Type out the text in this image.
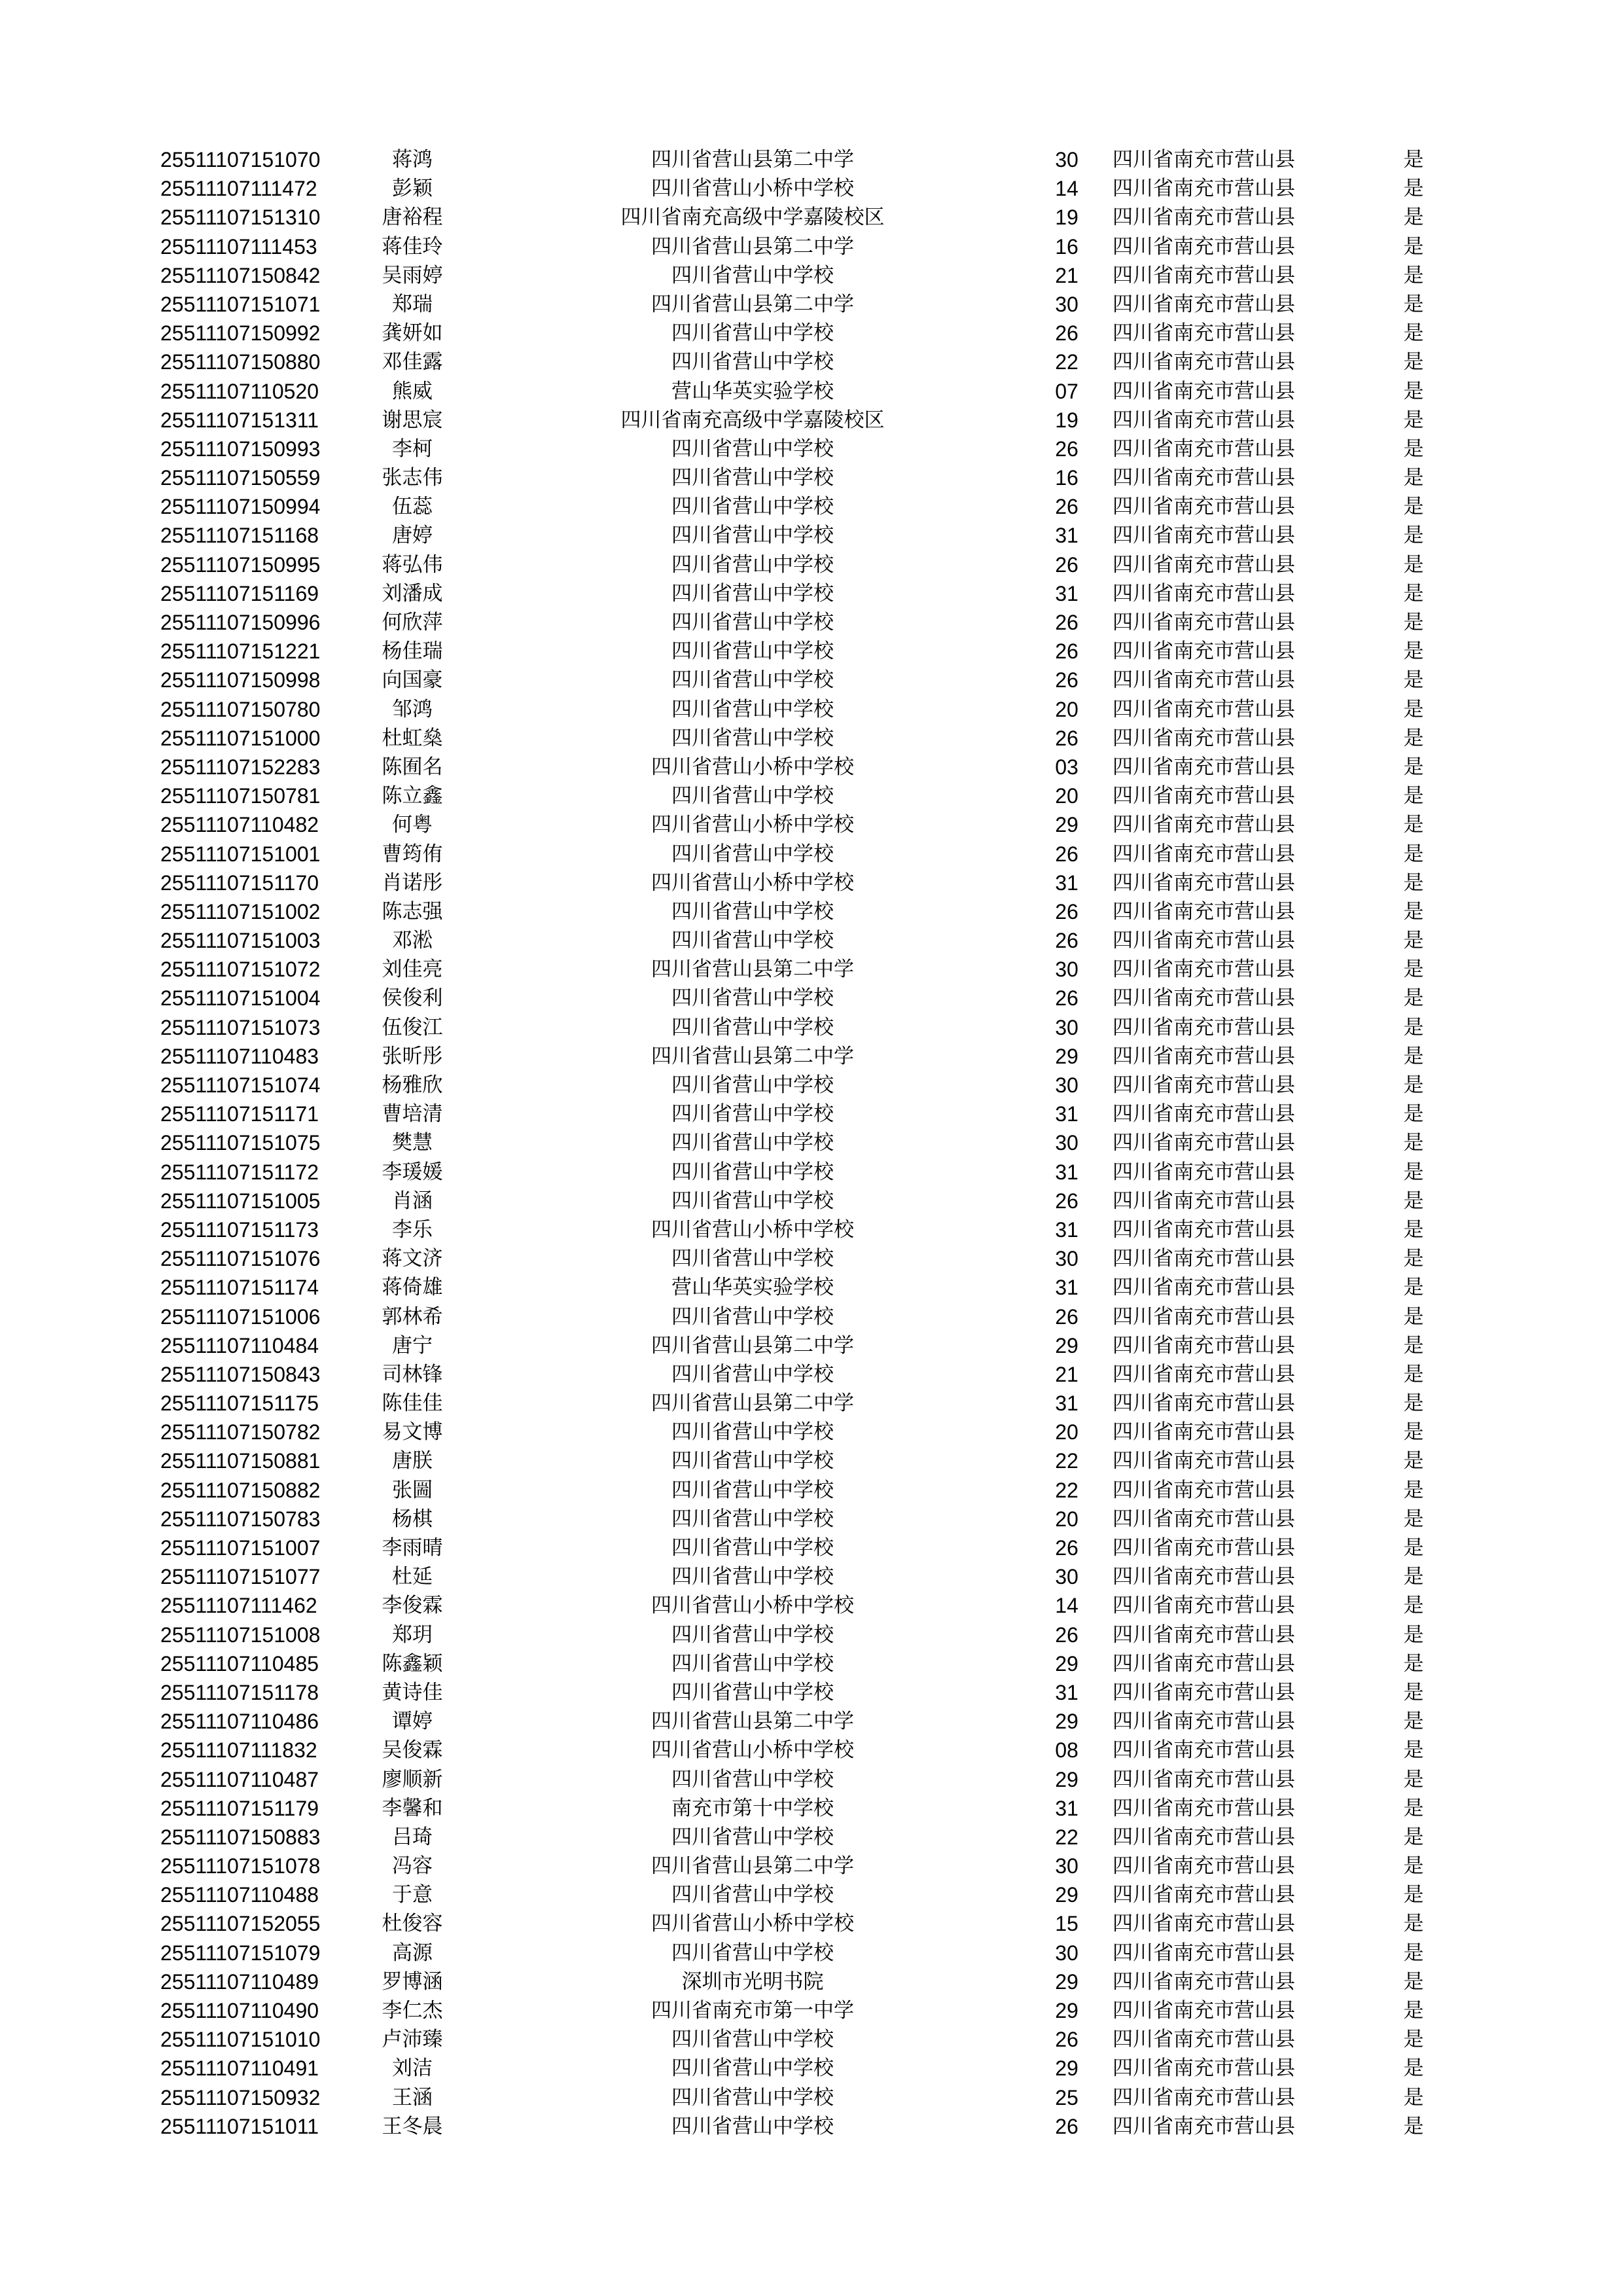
25511107151070	蒋鸿	四川省营山县第二中学	30	四川省南充市营山县	是
25511107111472	彭颖	四川省营山小桥中学校	14	四川省南充市营山县	是
25511107151310	唐裕程	四川省南充高级中学嘉陵校区	19	四川省南充市营山县	是
25511107111453	蒋佳玲	四川省营山县第二中学	16	四川省南充市营山县	是
25511107150842	吴雨婷	四川省营山中学校	21	四川省南充市营山县	是
25511107151071	郑瑞	四川省营山县第二中学	30	四川省南充市营山县	是
25511107150992	龚妍如	四川省营山中学校	26	四川省南充市营山县	是
25511107150880	邓佳露	四川省营山中学校	22	四川省南充市营山县	是
25511107110520	熊威	营山华英实验学校	07	四川省南充市营山县	是
25511107151311	谢思宸	四川省南充高级中学嘉陵校区	19	四川省南充市营山县	是
25511107150993	李柯	四川省营山中学校	26	四川省南充市营山县	是
25511107150559	张志伟	四川省营山中学校	16	四川省南充市营山县	是
25511107150994	伍蕊	四川省营山中学校	26	四川省南充市营山县	是
25511107151168	唐婷	四川省营山中学校	31	四川省南充市营山县	是
25511107150995	蒋弘伟	四川省营山中学校	26	四川省南充市营山县	是
25511107151169	刘潘成	四川省营山中学校	31	四川省南充市营山县	是
25511107150996	何欣萍	四川省营山中学校	26	四川省南充市营山县	是
25511107151221	杨佳瑞	四川省营山中学校	26	四川省南充市营山县	是
25511107150998	向国豪	四川省营山中学校	26	四川省南充市营山县	是
25511107150780	邹鸿	四川省营山中学校	20	四川省南充市营山县	是
25511107151000	杜虹燊	四川省营山中学校	26	四川省南充市营山县	是
25511107152283	陈囿名	四川省营山小桥中学校	03	四川省南充市营山县	是
25511107150781	陈立鑫	四川省营山中学校	20	四川省南充市营山县	是
25511107110482	何粤	四川省营山小桥中学校	29	四川省南充市营山县	是
25511107151001	曹筠侑	四川省营山中学校	26	四川省南充市营山县	是
25511107151170	肖诺彤	四川省营山小桥中学校	31	四川省南充市营山县	是
25511107151002	陈志强	四川省营山中学校	26	四川省南充市营山县	是
25511107151003	邓淞	四川省营山中学校	26	四川省南充市营山县	是
25511107151072	刘佳亮	四川省营山县第二中学	30	四川省南充市营山县	是
25511107151004	侯俊利	四川省营山中学校	26	四川省南充市营山县	是
25511107151073	伍俊江	四川省营山中学校	30	四川省南充市营山县	是
25511107110483	张昕彤	四川省营山县第二中学	29	四川省南充市营山县	是
25511107151074	杨雅欣	四川省营山中学校	30	四川省南充市营山县	是
25511107151171	曹培清	四川省营山中学校	31	四川省南充市营山县	是
25511107151075	樊慧	四川省营山中学校	30	四川省南充市营山县	是
25511107151172	李瑗媛	四川省营山中学校	31	四川省南充市营山县	是
25511107151005	肖涵	四川省营山中学校	26	四川省南充市营山县	是
25511107151173	李乐	四川省营山小桥中学校	31	四川省南充市营山县	是
25511107151076	蒋文济	四川省营山中学校	30	四川省南充市营山县	是
25511107151174	蒋倚雄	营山华英实验学校	31	四川省南充市营山县	是
25511107151006	郭林希	四川省营山中学校	26	四川省南充市营山县	是
25511107110484	唐宁	四川省营山县第二中学	29	四川省南充市营山县	是
25511107150843	司林锋	四川省营山中学校	21	四川省南充市营山县	是
25511107151175	陈佳佳	四川省营山县第二中学	31	四川省南充市营山县	是
25511107150782	易文博	四川省营山中学校	20	四川省南充市营山县	是
25511107150881	唐朕	四川省营山中学校	22	四川省南充市营山县	是
25511107150882	张圌	四川省营山中学校	22	四川省南充市营山县	是
25511107150783	杨棋	四川省营山中学校	20	四川省南充市营山县	是
25511107151007	李雨晴	四川省营山中学校	26	四川省南充市营山县	是
25511107151077	杜延	四川省营山中学校	30	四川省南充市营山县	是
25511107111462	李俊霖	四川省营山小桥中学校	14	四川省南充市营山县	是
25511107151008	郑玥	四川省营山中学校	26	四川省南充市营山县	是
25511107110485	陈鑫颖	四川省营山中学校	29	四川省南充市营山县	是
25511107151178	黄诗佳	四川省营山中学校	31	四川省南充市营山县	是
25511107110486	谭婷	四川省营山县第二中学	29	四川省南充市营山县	是
25511107111832	吴俊霖	四川省营山小桥中学校	08	四川省南充市营山县	是
25511107110487	廖顺新	四川省营山中学校	29	四川省南充市营山县	是
25511107151179	李馨和	南充市第十中学校	31	四川省南充市营山县	是
25511107150883	吕琦	四川省营山中学校	22	四川省南充市营山县	是
25511107151078	冯容	四川省营山县第二中学	30	四川省南充市营山县	是
25511107110488	于意	四川省营山中学校	29	四川省南充市营山县	是
25511107152055	杜俊容	四川省营山小桥中学校	15	四川省南充市营山县	是
25511107151079	高源	四川省营山中学校	30	四川省南充市营山县	是
25511107110489	罗博涵	深圳市光明书院	29	四川省南充市营山县	是
25511107110490	李仁杰	四川省南充市第一中学	29	四川省南充市营山县	是
25511107151010	卢沛臻	四川省营山中学校	26	四川省南充市营山县	是
25511107110491	刘洁	四川省营山中学校	29	四川省南充市营山县	是
25511107150932	王涵	四川省营山中学校	25	四川省南充市营山县	是
25511107151011	王冬晨	四川省营山中学校	26	四川省南充市营山县	是
